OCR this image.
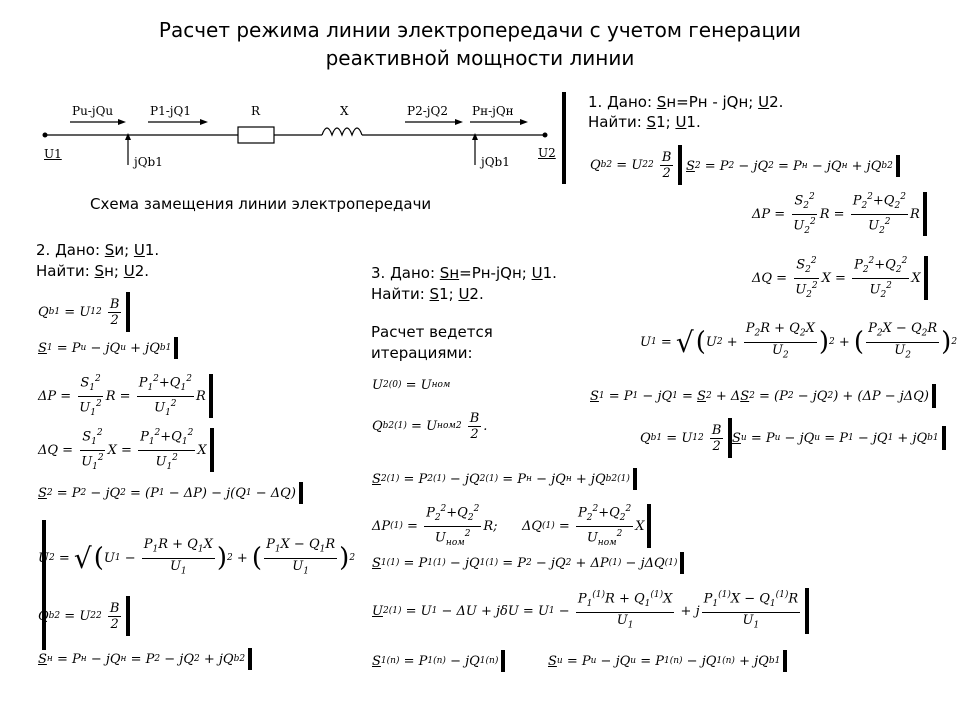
Расчет режима линии электропередачи с учетом генерации
реактивной мощности линии
Pu-jQu	P1-jQ1	R	X	P2-jQ2 Pн-jQн
U1	U2
jQb1	jQb1
Схема замещения линии электропередачи
1. Дано: Sн=Pн - jQн; U2.
Найти: S1; U1.
Q b2 = U 2 2

B
2 S 2 = P 2 − jQ 2 = P н − jQ н + jQ b2
ΔP =
$S_2^2$
$U_2^2$ R =
$P_2^2+Q_2^2$
$U_2^2$ R
ΔQ =
$S_2^2$
$U_2^2$ X =
$P_2^2+Q_2^2$
$U_2^2$ X
U 1 = √ ( U 2 +
$P_2R + Q_2X$
$U_2$ ) 2 + ( $P_2X - Q_2R$
$U_2$ ) 2
S 1 = P 1 − jQ 1 = S 2 + Δ S 2 = (P 2 − jQ 2 ) + (ΔP − jΔQ)
Q b1 = U 1 2

B
2
S и = P и − jQ и = P 1 − jQ 1 + jQ b1
2. Дано: Sи; U1.
Найти: Sн; U2.
Q b1 = U 1 2

B
2
S 1 = P и − jQ и + jQ b1
ΔP =
$S_1^2$
$U_1^2$ R =
$P_1^2+Q_1^2$
$U_1^2$ R
ΔQ =
$S_1^2$
$U_1^2$ X =
$P_1^2+Q_1^2$
$U_1^2$ X
S 2 = P 2 − jQ 2 = (P 1 − ΔP) − j(Q 1 − ΔQ)
U 2 = √ ( U 1 −
$P_1R + Q_1X$
$U_1$ ) 2 + ( $P_1X - Q_1R$
$U_1$ ) 2
Q b2 = U 2 2

B
2
S н = P н − jQ н = P 2 − jQ 2 + jQ b2
3. Дано: Sн=Pн-jQн; U1.
Найти: S1; U2.
Расчет ведется
итерациями:
U 2 (0) = U ном
Q b2 (1) = U ном 2

B
2
.
S 2 (1) = P 2 (1) − jQ 2 (1) = P н − jQ н + jQ b2 (1)
ΔP (1) =
$P_2^2+Q_2^2$
$U_{ном}^2$ R; ΔQ (1) =
$P_2^2+Q_2^2$
$U_{ном}^2$ X
S 1 (1) = P 1 (1) − jQ 1 (1) = P 2 − jQ 2 + ΔP (1) − jΔQ (1)
U 2 (1) = U 1 − ΔU + jδU = U 1 −
$P_1^{(1)}R + Q_1^{(1)}X$
$U_1$
+ j
$P_1^{(1)}X - Q_1^{(1)}R$
$U_1$
S 1 (n) = P 1 (n) − jQ 1 (n)	S и = P и − jQ и = P 1 (n) − jQ 1 (n) + jQ b1
